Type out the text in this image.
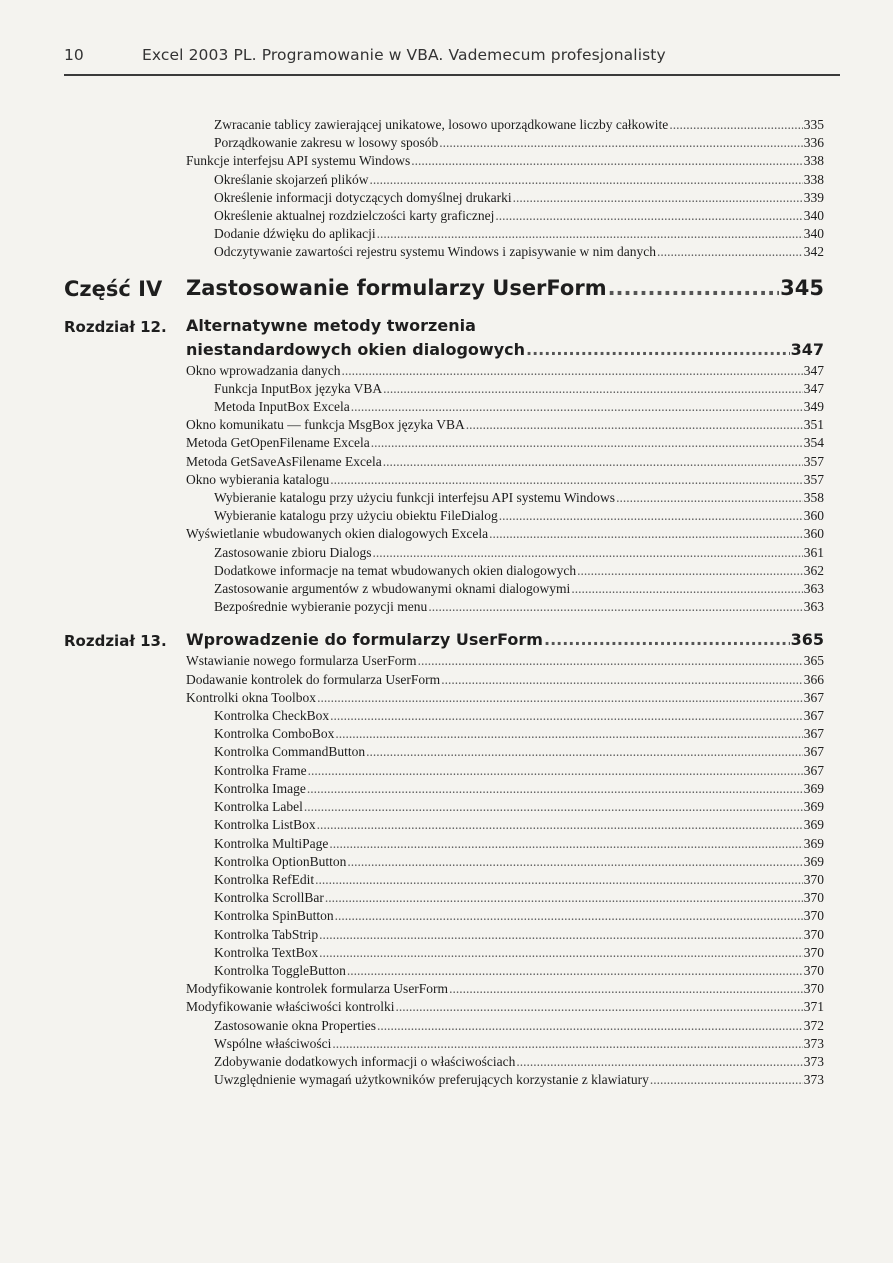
10	Excel 2003 PL. Programowanie w VBA. Vademecum profesjonalisty
Zwracanie tablicy zawierającej unikatowe, losowo uporządkowane liczby całkowite .....	335
Porządkowanie zakresu w losowy sposób .....	336
Funkcje interfejsu API systemu Windows .....	338
Określanie skojarzeń plików .....	338
Określenie informacji dotyczących domyślnej drukarki .....	339
Określenie aktualnej rozdzielczości karty graficznej .....	340
Dodanie dźwięku do aplikacji .....	340
Odczytywanie zawartości rejestru systemu Windows i zapisywanie w nim danych .....	342
Część IV	Zastosowanie formularzy UserForm .....	345
Rozdział 12.	Alternatywne metody tworzenia
niestandardowych okien dialogowych .....	347
Okno wprowadzania danych .....	347
Funkcja InputBox języka VBA .....	347
Metoda InputBox Excela .....	349
Okno komunikatu — funkcja MsgBox języka VBA .....	351
Metoda GetOpenFilename Excela .....	354
Metoda GetSaveAsFilename Excela .....	357
Okno wybierania katalogu .....	357
Wybieranie katalogu przy użyciu funkcji interfejsu API systemu Windows .....	358
Wybieranie katalogu przy użyciu obiektu FileDialog .....	360
Wyświetlanie wbudowanych okien dialogowych Excela .....	360
Zastosowanie zbioru Dialogs .....	361
Dodatkowe informacje na temat wbudowanych okien dialogowych .....	362
Zastosowanie argumentów z wbudowanymi oknami dialogowymi .....	363
Bezpośrednie wybieranie pozycji menu .....	363
Rozdział 13.	Wprowadzenie do formularzy UserForm .....	365
Wstawianie nowego formularza UserForm .....	365
Dodawanie kontrolek do formularza UserForm .....	366
Kontrolki okna Toolbox .....	367
Kontrolka CheckBox .....	367
Kontrolka ComboBox .....	367
Kontrolka CommandButton .....	367
Kontrolka Frame .....	367
Kontrolka Image .....	369
Kontrolka Label .....	369
Kontrolka ListBox .....	369
Kontrolka MultiPage .....	369
Kontrolka OptionButton .....	369
Kontrolka RefEdit .....	370
Kontrolka ScrollBar .....	370
Kontrolka SpinButton .....	370
Kontrolka TabStrip .....	370
Kontrolka TextBox .....	370
Kontrolka ToggleButton .....	370
Modyfikowanie kontrolek formularza UserForm .....	370
Modyfikowanie właściwości kontrolki .....	371
Zastosowanie okna Properties .....	372
Wspólne właściwości .....	373
Zdobywanie dodatkowych informacji o właściwościach .....	373
Uwzględnienie wymagań użytkowników preferujących korzystanie z klawiatury .....	373
